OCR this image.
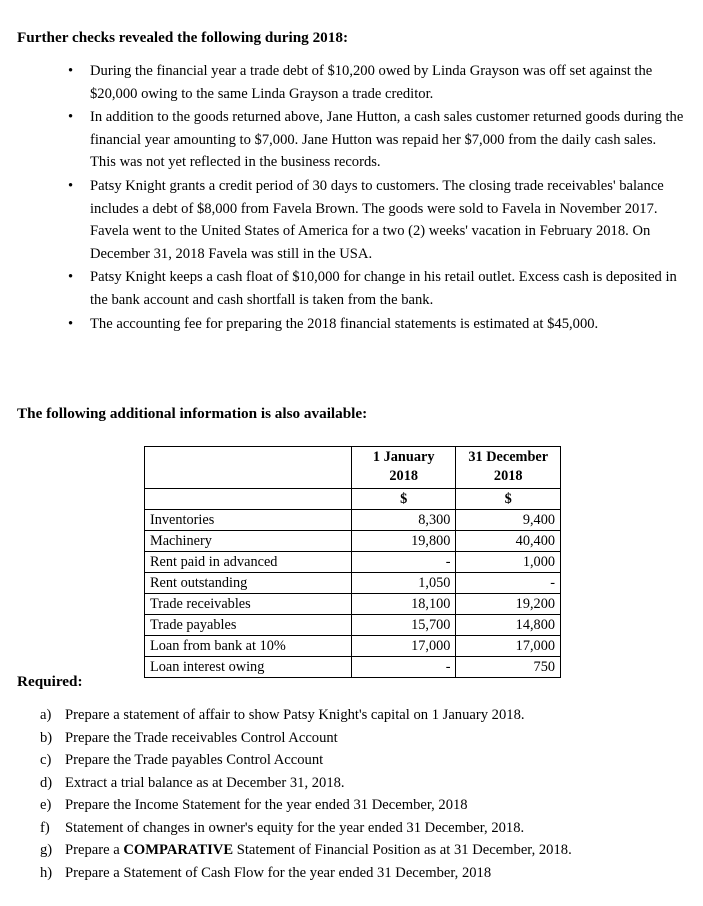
Further checks revealed the following during 2018:
• During the financial year a trade debt of $10,200 owed by Linda Grayson was off set against the $20,000 owing to the same Linda Grayson a trade creditor.
• In addition to the goods returned above, Jane Hutton, a cash sales customer returned goods during the financial year amounting to $7,000. Jane Hutton was repaid her $7,000 from the daily cash sales. This was not yet reflected in the business records.
• Patsy Knight grants a credit period of 30 days to customers. The closing trade receivables' balance includes a debt of $8,000 from Favela Brown. The goods were sold to Favela in November 2017. Favela went to the United States of America for a two (2) weeks' vacation in February 2018. On December 31, 2018 Favela was still in the USA.
• Patsy Knight keeps a cash float of $10,000 for change in his retail outlet. Excess cash is deposited in the bank account and cash shortfall is taken from the bank.
• The accounting fee for preparing the 2018 financial statements is estimated at $45,000.
The following additional information is also available:
	1 January 2018	31 December 2018
	$	$
Inventories	8,300	9,400
Machinery	19,800	40,400
Rent paid in advanced	-	1,000
Rent outstanding	1,050	-
Trade receivables	18,100	19,200
Trade payables	15,700	14,800
Loan from bank at 10%	17,000	17,000
Loan interest owing	-	750
Required:
a) Prepare a statement of affair to show Patsy Knight's capital on 1 January 2018.
b) Prepare the Trade receivables Control Account
c) Prepare the Trade payables Control Account
d) Extract a trial balance as at December 31, 2018.
e) Prepare the Income Statement for the year ended 31 December, 2018
f) Statement of changes in owner's equity for the year ended 31 December, 2018.
g) Prepare a COMPARATIVE Statement of Financial Position as at 31 December, 2018.
h) Prepare a Statement of Cash Flow for the year ended 31 December, 2018
